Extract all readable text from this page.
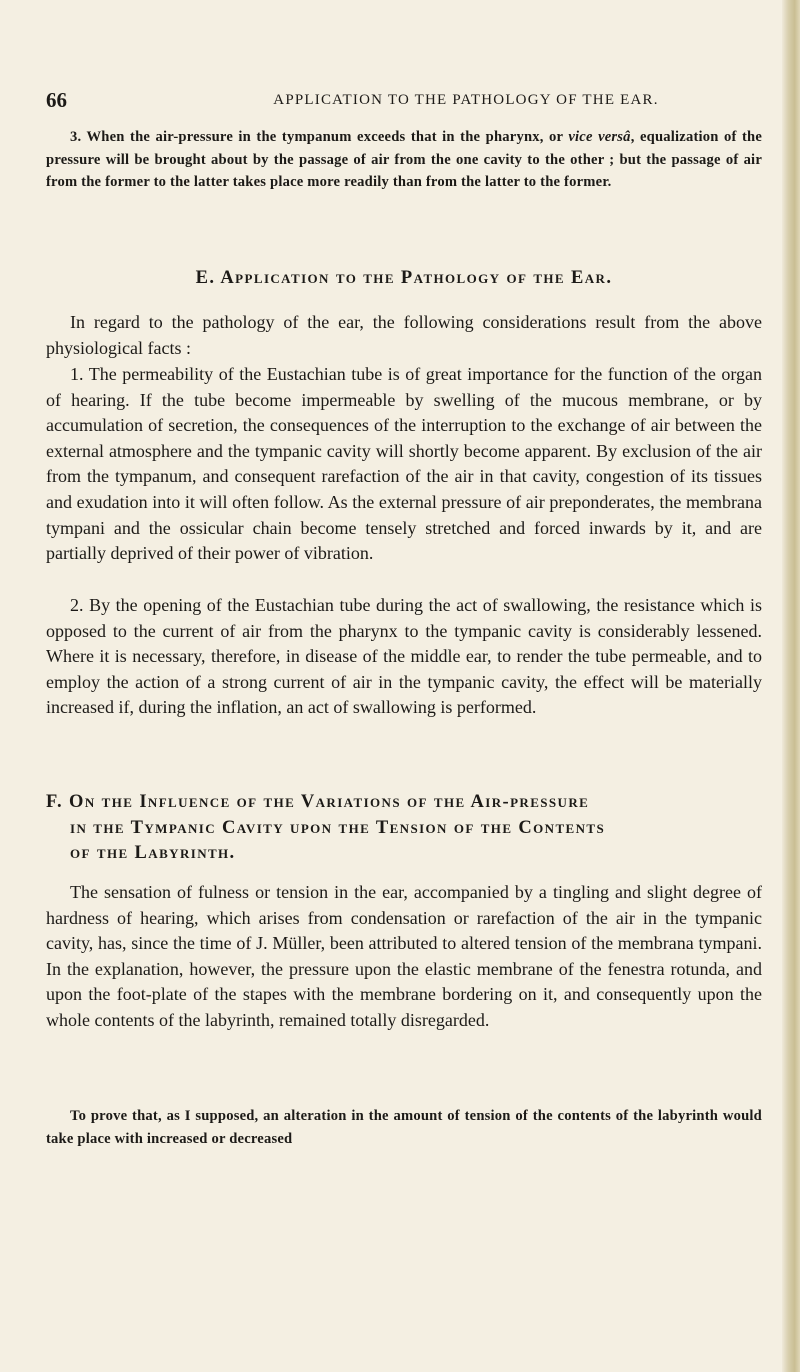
66	APPLICATION TO THE PATHOLOGY OF THE EAR.

3. When the air-pressure in the tympanum exceeds that in the pharynx, or vice versâ, equalization of the pressure will be brought about by the passage of air from the one cavity to the other ; but the passage of air from the former to the latter takes place more readily than from the latter to the former.

E. Application to the Pathology of the Ear.

In regard to the pathology of the ear, the following considerations result from the above physiological facts :

1. The permeability of the Eustachian tube is of great importance for the function of the organ of hearing. If the tube become impermeable by swelling of the mucous membrane, or by accumulation of secretion, the consequences of the interruption to the exchange of air between the external atmosphere and the tympanic cavity will shortly become apparent. By exclusion of the air from the tympanum, and consequent rarefaction of the air in that cavity, congestion of its tissues and exudation into it will often follow. As the external pressure of air preponderates, the membrana tympani and the ossicular chain become tensely stretched and forced inwards by it, and are partially deprived of their power of vibration.

2. By the opening of the Eustachian tube during the act of swallowing, the resistance which is opposed to the current of air from the pharynx to the tympanic cavity is considerably lessened. Where it is necessary, therefore, in disease of the middle ear, to render the tube permeable, and to employ the action of a strong current of air in the tympanic cavity, the effect will be materially increased if, during the inflation, an act of swallowing is performed.

F. On the Influence of the Variations of the Air-pressure
in the Tympanic Cavity upon the Tension of the Contents
of the Labyrinth.

The sensation of fulness or tension in the ear, accompanied by a tingling and slight degree of hardness of hearing, which arises from condensation or rarefaction of the air in the tympanic cavity, has, since the time of J. Müller, been attributed to altered tension of the membrana tympani. In the explanation, however, the pressure upon the elastic membrane of the fenestra rotunda, and upon the foot-plate of the stapes with the membrane bordering on it, and consequently upon the whole contents of the labyrinth, remained totally disregarded.

To prove that, as I supposed, an alteration in the amount of tension of the contents of the labyrinth would take place with increased or decreased
